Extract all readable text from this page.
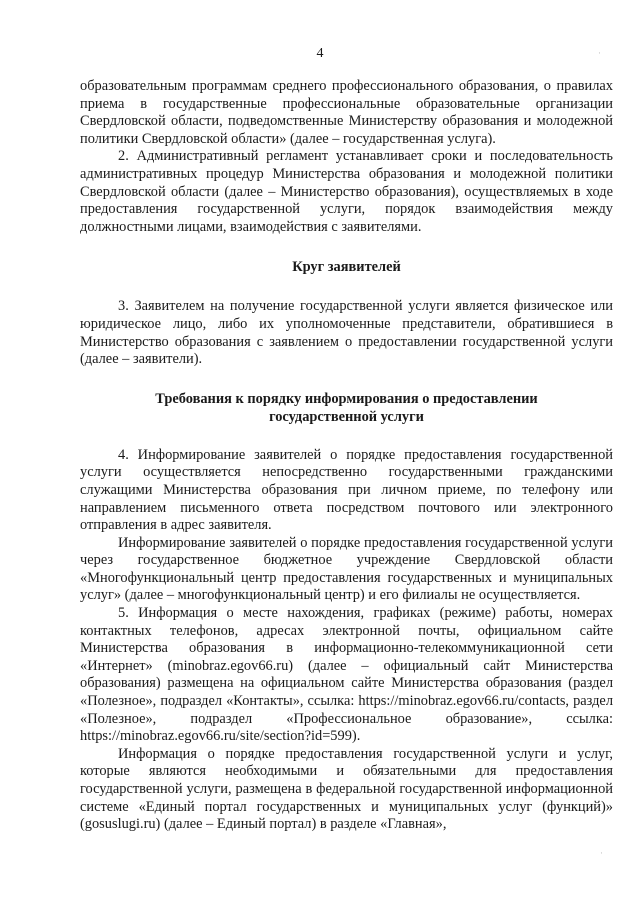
4

образовательным программам среднего профессионального образования, о правилах приема в государственные профессиональные образовательные организации Свердловской области, подведомственные Министерству образования и молодежной политики Свердловской области» (далее – государственная услуга).

2. Административный регламент устанавливает сроки и последовательность административных процедур Министерства образования и молодежной политики Свердловской области (далее – Министерство образования), осуществляемых в ходе предоставления государственной услуги, порядок взаимодействия между должностными лицами, взаимодействия с заявителями.

Круг заявителей

3. Заявителем на получение государственной услуги является физическое или юридическое лицо, либо их уполномоченные представители, обратившиеся в Министерство образования с заявлением о предоставлении государственной услуги (далее – заявители).

Требования к порядку информирования о предоставлении
государственной услуги

4. Информирование заявителей о порядке предоставления государственной услуги осуществляется непосредственно государственными гражданскими служащими Министерства образования при личном приеме, по телефону или направлением письменного ответа посредством почтового или электронного отправления в адрес заявителя.

Информирование заявителей о порядке предоставления государственной услуги через государственное бюджетное учреждение Свердловской области «Многофункциональный центр предоставления государственных и муниципальных услуг» (далее – многофункциональный центр) и его филиалы не осуществляется.

5. Информация о месте нахождения, графиках (режиме) работы, номерах контактных телефонов, адресах электронной почты, официальном сайте Министерства образования в информационно-телекоммуникационной сети «Интернет» (minobraz.egov66.ru) (далее – официальный сайт Министерства образования) размещена на официальном сайте Министерства образования (раздел «Полезное», подраздел «Контакты», ссылка: https://minobraz.egov66.ru/contacts, раздел «Полезное», подраздел «Профессиональное образование», ссылка: https://minobraz.egov66.ru/site/section?id=599).

Информация о порядке предоставления государственной услуги и услуг, которые являются необходимыми и обязательными для предоставления государственной услуги, размещена в федеральной государственной информационной системе «Единый портал государственных и муниципальных услуг (функций)» (gosuslugi.ru) (далее – Единый портал) в разделе «Главная»,

·
·
